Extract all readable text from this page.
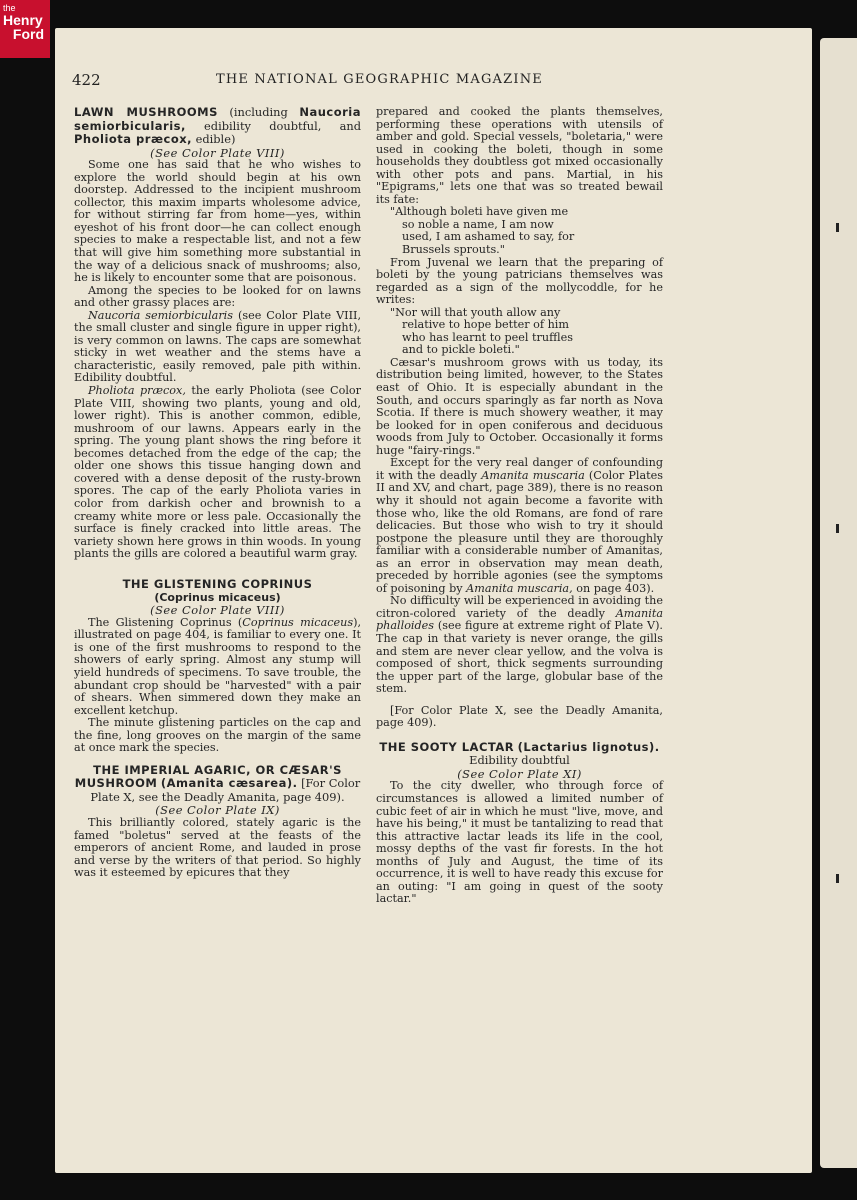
the
Henry
Ford
422	THE NATIONAL GEOGRAPHIC MAGAZINE

LAWN MUSHROOMS (including Naucoria semiorbicularis, edibility doubtful, and Pholiota præcox, edible)

(See Color Plate VIII)

Some one has said that he who wishes to explore the world should begin at his own doorstep. Addressed to the incipient mushroom collector, this maxim imparts wholesome advice, for without stirring far from home—yes, within eyeshot of his front door—he can collect enough species to make a respectable list, and not a few that will give him something more substantial in the way of a delicious snack of mushrooms; also, he is likely to encounter some that are poisonous.

Among the species to be looked for on lawns and other grassy places are:

Naucoria semiorbicularis (see Color Plate VIII, the small cluster and single figure in upper right), is very common on lawns. The caps are somewhat sticky in wet weather and the stems have a characteristic, easily removed, pale pith within. Edibility doubtful.

Pholiota præcox, the early Pholiota (see Color Plate VIII, showing two plants, young and old, lower right). This is another common, edible, mushroom of our lawns. Appears early in the spring. The young plant shows the ring before it becomes detached from the edge of the cap; the older one shows this tissue hanging down and covered with a dense deposit of the rusty-brown spores. The cap of the early Pholiota varies in color from darkish ocher and brownish to a creamy white more or less pale. Occasionally the surface is finely cracked into little areas. The variety shown here grows in thin woods. In young plants the gills are colored a beautiful warm gray.

THE GLISTENING COPRINUS

(Coprinus micaceus)

(See Color Plate VIII)

The Glistening Coprinus (Coprinus micaceus), illustrated on page 404, is familiar to every one. It is one of the first mushrooms to respond to the showers of early spring. Almost any stump will yield hundreds of specimens. To save trouble, the abundant crop should be "harvested" with a pair of shears. When simmered down they make an excellent ketchup.

The minute glistening particles on the cap and the fine, long grooves on the margin of the same at once mark the species.

THE IMPERIAL AGARIC, OR CÆSAR'S MUSHROOM (Amanita cæsarea). [For Color Plate X, see the Deadly Amanita, page 409).

(See Color Plate IX)

This brilliantly colored, stately agaric is the famed "boletus" served at the feasts of the emperors of ancient Rome, and lauded in prose and verse by the writers of that period. So highly was it esteemed by epicures that they

prepared and cooked the plants themselves, performing these operations with utensils of amber and gold. Special vessels, "boletaria," were used in cooking the boleti, though in some households they doubtless got mixed occasionally with other pots and pans. Martial, in his "Epigrams," lets one that was so treated bewail its fate:

"Although boleti have given me
so noble a name, I am now
used, I am ashamed to say, for
Brussels sprouts."

From Juvenal we learn that the preparing of boleti by the young patricians themselves was regarded as a sign of the mollycoddle, for he writes:

"Nor will that youth allow any
relative to hope better of him
who has learnt to peel truffles
and to pickle boleti."

Cæsar's mushroom grows with us today, its distribution being limited, however, to the States east of Ohio. It is especially abundant in the South, and occurs sparingly as far north as Nova Scotia. If there is much showery weather, it may be looked for in open coniferous and deciduous woods from July to October. Occasionally it forms huge "fairy-rings."

Except for the very real danger of confounding it with the deadly Amanita muscaria (Color Plates II and XV, and chart, page 389), there is no reason why it should not again become a favorite with those who, like the old Romans, are fond of rare delicacies. But those who wish to try it should postpone the pleasure until they are thoroughly familiar with a considerable number of Amanitas, as an error in observation may mean death, preceded by horrible agonies (see the symptoms of poisoning by Amanita muscaria, on page 403).

No difficulty will be experienced in avoiding the citron-colored variety of the deadly Amanita phalloides (see figure at extreme right of Plate V). The cap in that variety is never orange, the gills and stem are never clear yellow, and the volva is composed of short, thick segments surrounding the upper part of the large, globular base of the stem.

[For Color Plate X, see the Deadly Amanita, page 409).

THE SOOTY LACTAR (Lactarius lignotus). Edibility doubtful

(See Color Plate XI)

To the city dweller, who through force of circumstances is allowed a limited number of cubic feet of air in which he must "live, move, and have his being," it must be tantalizing to read that this attractive lactar leads its life in the cool, mossy depths of the vast fir forests. In the hot months of July and August, the time of its occurrence, it is well to have ready this excuse for an outing: "I am going in quest of the sooty lactar."
